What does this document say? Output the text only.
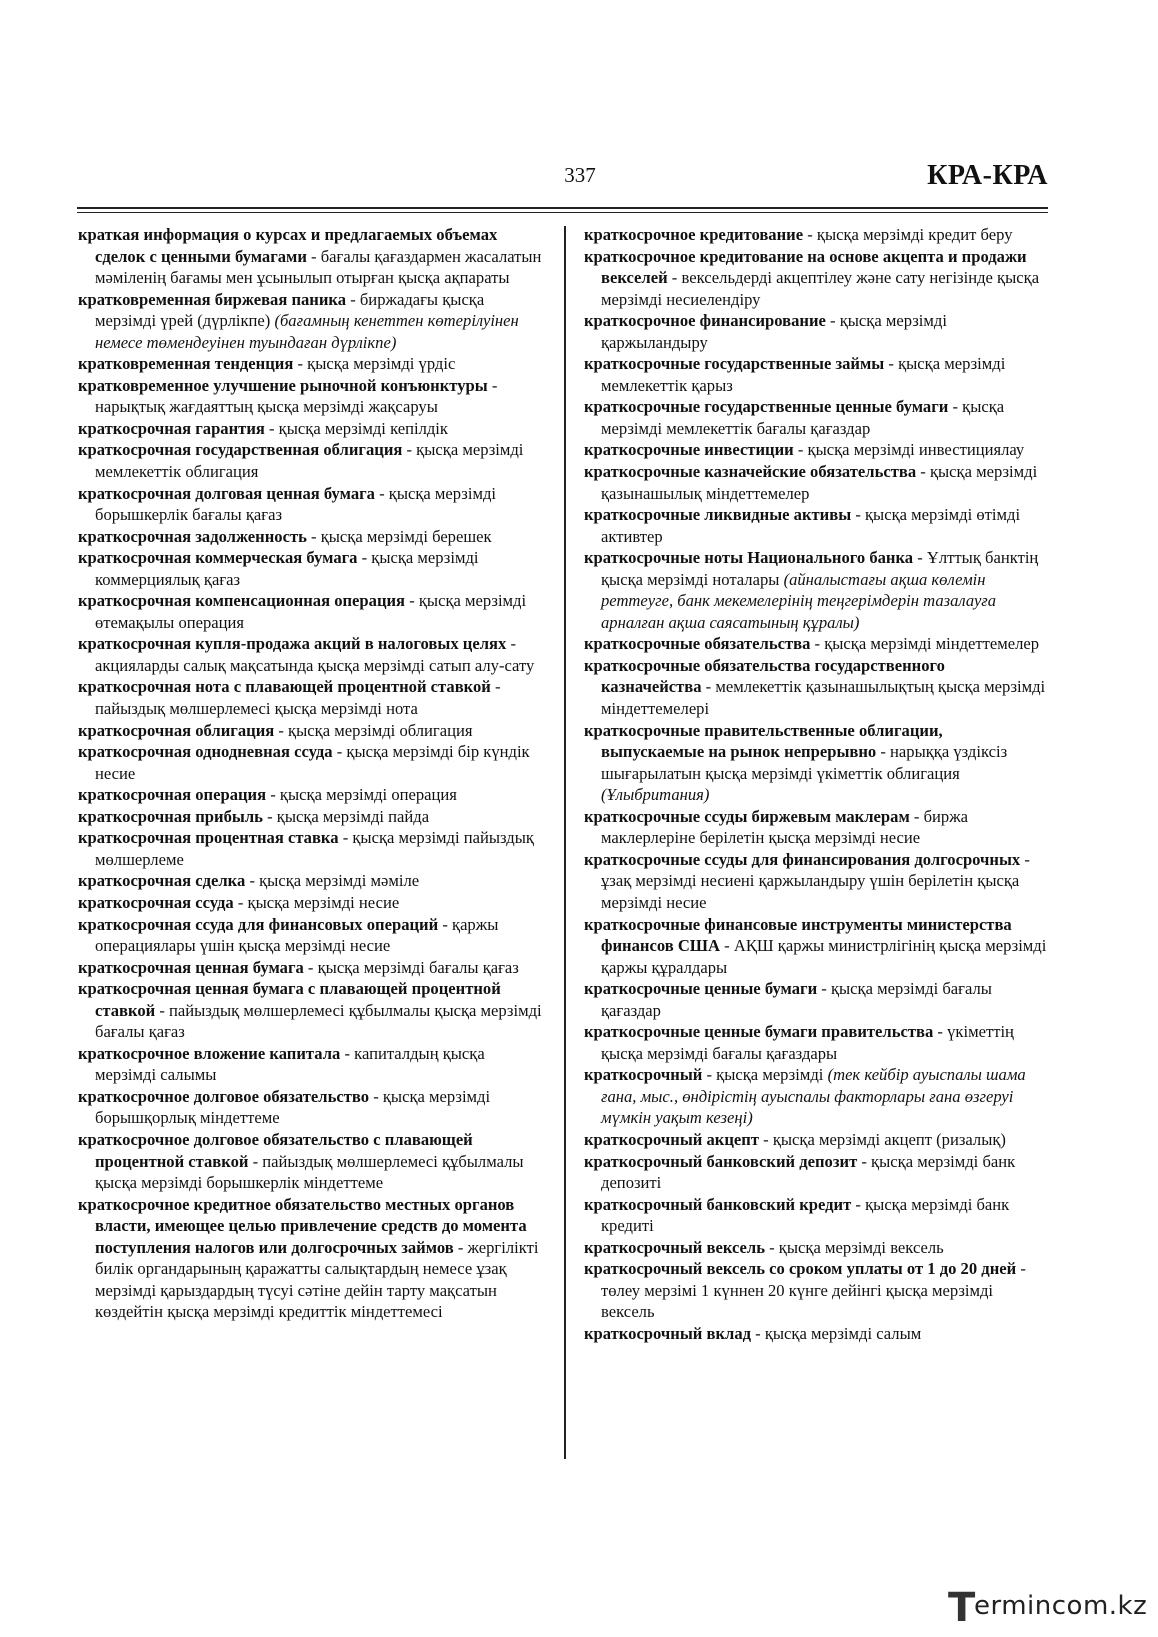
337	КРА-КРА
краткая информация о курсах и предлагаемых объемах сделок с ценными бумагами - бағалы қағаздармен жасалатын мәміленің бағамы мен ұсынылып отырған қысқа ақпараты
кратковременная биржевая паника - биржадағы қысқа мерзімді үрей (дүрлікпе) (бағамның кенеттен көтерілуінен немесе төмендеуінен туындаған дүрлікпе)
кратковременная тенденция - қысқа мерзімді үрдіс
кратковременное улучшение рыночной конъюнктуры - нарықтық жағдаяттың қысқа мерзімді жақсаруы
краткосрочная гарантия - қысқа мерзімді кепілдік
краткосрочная государственная облигация - қысқа мерзімді мемлекеттік облигация
краткосрочная долговая ценная бумага - қысқа мерзімді борышкерлік бағалы қағаз
краткосрочная задолженность - қысқа мерзімді берешек
краткосрочная коммерческая бумага - қысқа мерзімді коммерциялық қағаз
краткосрочная компенсационная операция - қысқа мерзімді өтемақылы операция
краткосрочная купля-продажа акций в налоговых целях - акцияларды салық мақсатында қысқа мерзімді сатып алу-сату
краткосрочная нота с плавающей процентной ставкой - пайыздық мөлшерлемесі қысқа мерзімді нота
краткосрочная облигация - қысқа мерзімді облигация
краткосрочная однодневная ссуда - қысқа мерзімді бір күндік несие
краткосрочная операция - қысқа мерзімді операция
краткосрочная прибыль - қысқа мерзімді пайда
краткосрочная процентная ставка - қысқа мерзімді пайыздық мөлшерлеме
краткосрочная сделка - қысқа мерзімді мәміле
краткосрочная ссуда - қысқа мерзімді несие
краткосрочная ссуда для финансовых операций - қаржы операциялары үшін қысқа мерзімді несие
краткосрочная ценная бумага - қысқа мерзімді бағалы қағаз
краткосрочная ценная бумага с плавающей процентной ставкой - пайыздық мөлшерлемесі құбылмалы қысқа мерзімді бағалы қағаз
краткосрочное вложение капитала - капиталдың қысқа мерзімді салымы
краткосрочное долговое обязательство - қысқа мерзімді борышқорлық міндеттеме
краткосрочное долговое обязательство с плавающей процентной ставкой - пайыздық мөлшерлемесі құбылмалы қысқа мерзімді борышкерлік міндеттеме
краткосрочное кредитное обязательство местных органов власти, имеющее целью привлечение средств до момента поступления налогов или долгосрочных займов - жергілікті билік органдарының қаражатты салықтардың немесе ұзақ мерзімді қарыздардың түсуі сәтіне дейін тарту мақсатын көздейтін қысқа мерзімді кредиттік міндеттемесі
краткосрочное кредитование - қысқа мерзімді кредит беру
краткосрочное кредитование на основе акцепта и продажи векселей - вексельдерді акцептілеу және сату негізінде қысқа мерзімді несиелендіру
краткосрочное финансирование - қысқа мерзімді қаржыландыру
краткосрочные государственные займы - қысқа мерзімді мемлекеттік қарыз
краткосрочные государственные ценные бумаги - қысқа мерзімді мемлекеттік бағалы қағаздар
краткосрочные инвестиции - қысқа мерзімді инвестициялау
краткосрочные казначейские обязательства - қысқа мерзімді қазынашылық міндеттемелер
краткосрочные ликвидные активы - қысқа мерзімді өтімді активтер
краткосрочные ноты Национального банка - Ұлттық банктің қысқа мерзімді ноталары (айналыстағы ақша көлемін реттеуге, банк мекемелерінің теңгерімдерін тазалауға арналған ақша саясатының құралы)
краткосрочные обязательства - қысқа мерзімді міндеттемелер
краткосрочные обязательства государственного казначейства - мемлекеттік қазынашылықтың қысқа мерзімді міндеттемелері
краткосрочные правительственные облигации, выпускаемые на рынок непрерывно - нарыққа үздіксіз шығарылатын қысқа мерзімді үкіметтік облигация (Ұлыбритания)
краткосрочные ссуды биржевым маклерам - биржа маклерлеріне берілетін қысқа мерзімді несие
краткосрочные ссуды для финансирования долгосрочных - ұзақ мерзімді несиені қаржыландыру үшін берілетін қысқа мерзімді несие
краткосрочные финансовые инструменты министерства финансов США - АҚШ қаржы министрлігінің қысқа мерзімді қаржы құралдары
краткосрочные ценные бумаги - қысқа мерзімді бағалы қағаздар
краткосрочные ценные бумаги правительства - үкіметтің қысқа мерзімді бағалы қағаздары
краткосрочный - қысқа мерзімді (тек кейбір ауыспалы шама ғана, мыс., өндірістің ауыспалы факторлары ғана өзгеруі мүмкін уақыт кезеңі)
краткосрочный акцепт - қысқа мерзімді акцепт (ризалық)
краткосрочный банковский депозит - қысқа мерзімді банк депозиті
краткосрочный банковский кредит - қысқа мерзімді банк кредиті
краткосрочный вексель - қысқа мерзімді вексель
краткосрочный вексель со сроком уплаты от 1 до 20 дней - төлеу мерзімі 1 күннен 20 күнге дейінгі қысқа мерзімді вексель
краткосрочный вклад - қысқа мерзімді салым
T
ermincom.kz
